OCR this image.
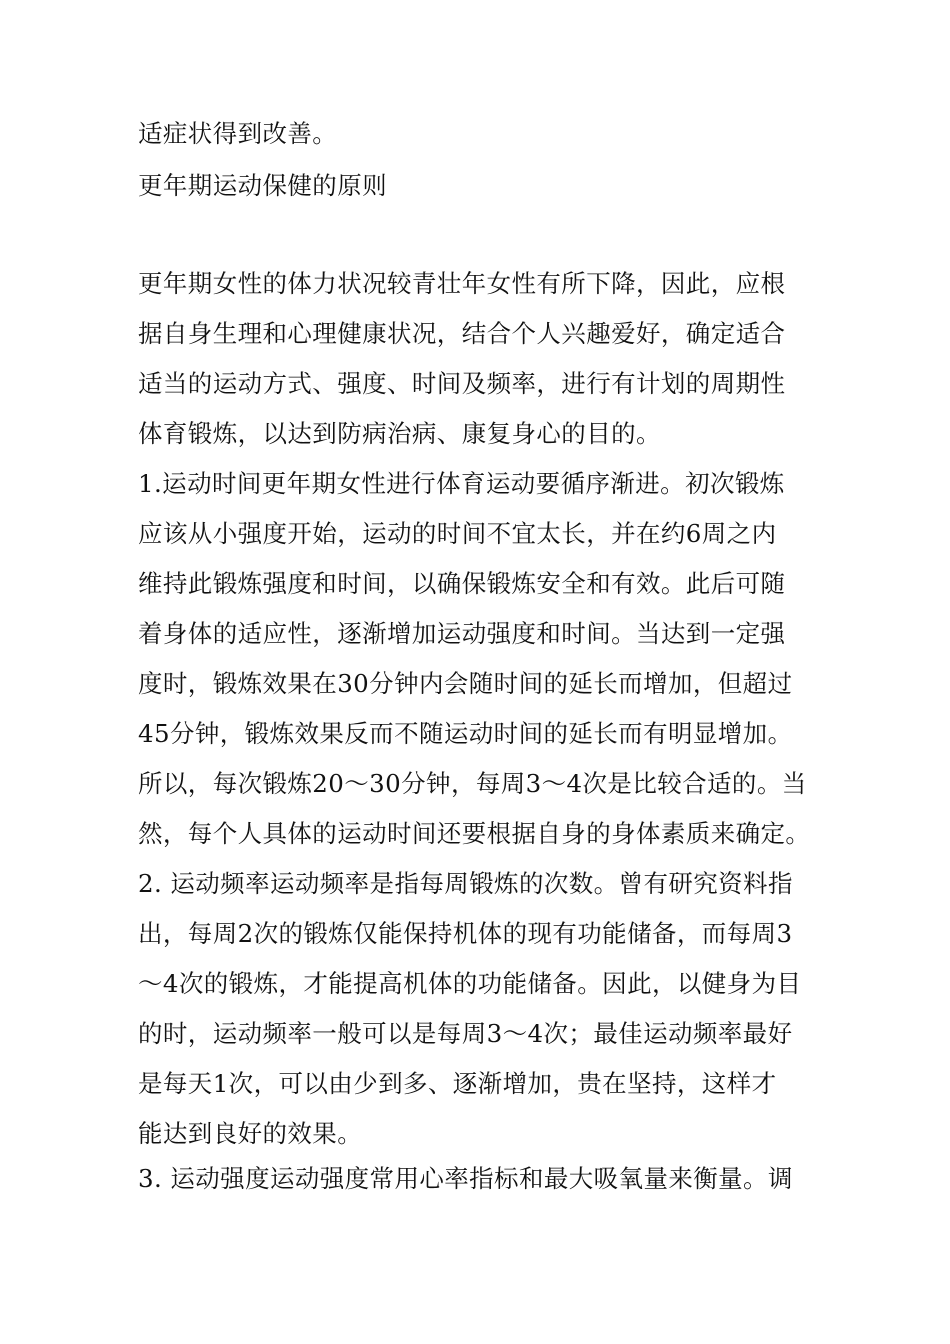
适症状得到改善。
更年期运动保健的原则
更年期女性的体力状况较青壮年女性有所下降，因此，应根
据自身生理和心理健康状况，结合个人兴趣爱好，确定适合
适当的运动方式、强度、时间及频率，进行有计划的周期性
体育锻炼，以达到防病治病、康复身心的目的。
1.运动时间更年期女性进行体育运动要循序渐进。初次锻炼
应该从小强度开始，运动的时间不宜太长，并在约6周之内
维持此锻炼强度和时间，以确保锻炼安全和有效。此后可随
着身体的适应性，逐渐增加运动强度和时间。当达到一定强
度时，锻炼效果在30分钟内会随时间的延长而增加，但超过
45分钟，锻炼效果反而不随运动时间的延长而有明显增加。
所以，每次锻炼20〜30分钟，每周3〜4次是比较合适的。当
然，每个人具体的运动时间还要根据自身的身体素质来确定。
2. 运动频率运动频率是指每周锻炼的次数。曾有研究资料指
出，每周2次的锻炼仅能保持机体的现有功能储备，而每周3
〜4次的锻炼，才能提高机体的功能储备。因此，以健身为目
的时，运动频率一般可以是每周3〜4次；最佳运动频率最好
是每天1次，可以由少到多、逐渐增加，贵在坚持，这样才
能达到良好的效果。
3. 运动强度运动强度常用心率指标和最大吸氧量来衡量。调
